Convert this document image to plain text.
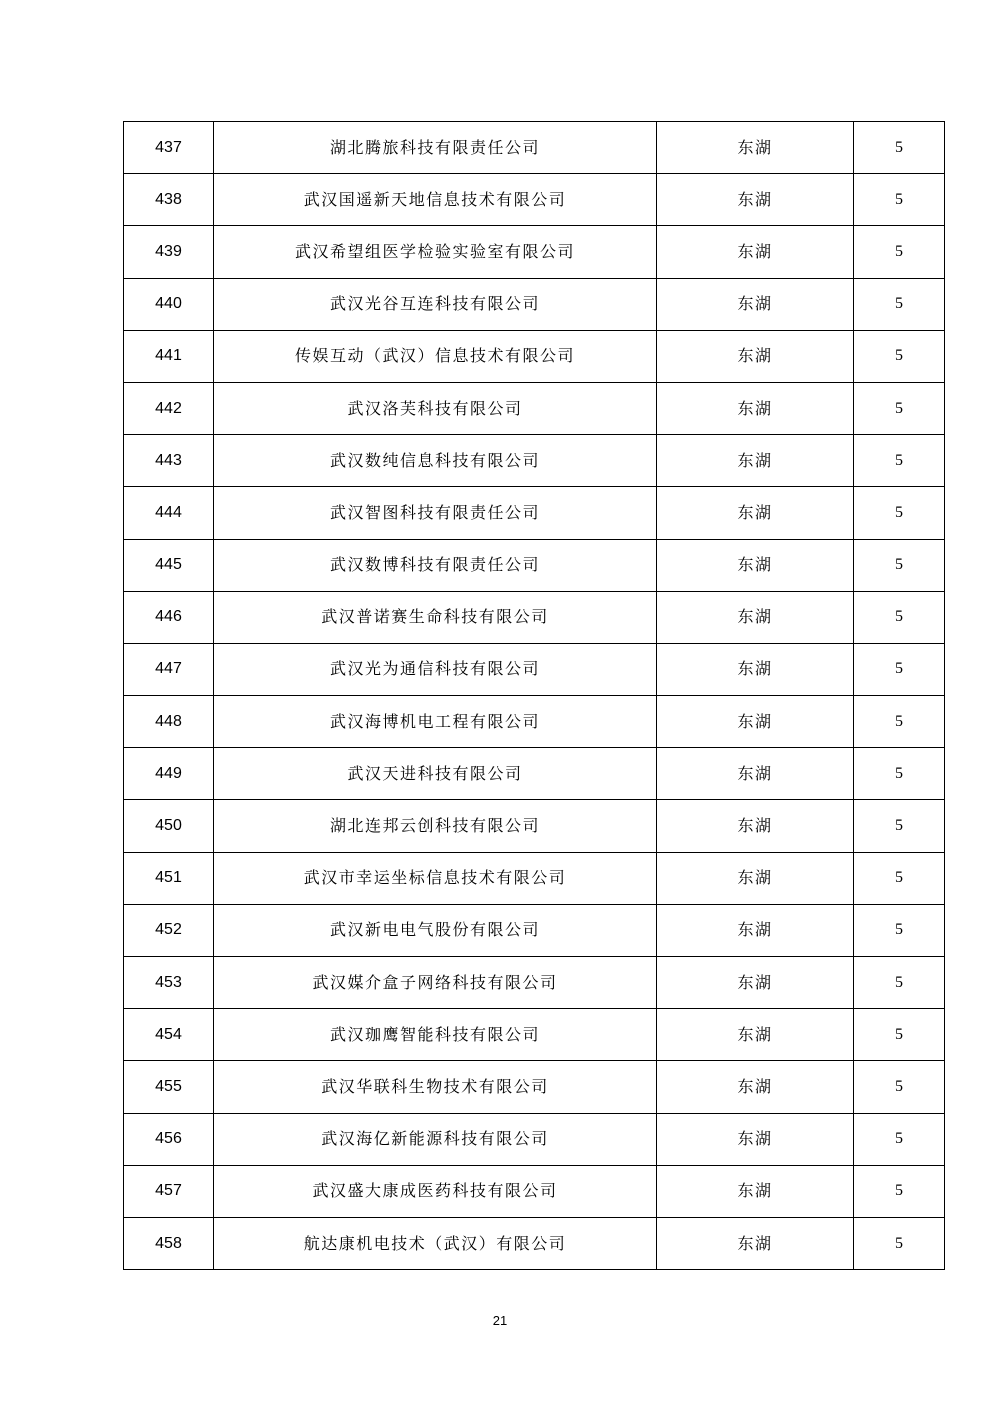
437	湖北腾旅科技有限责任公司	东湖	5
438	武汉国遥新天地信息技术有限公司	东湖	5
439	武汉希望组医学检验实验室有限公司	东湖	5
440	武汉光谷互连科技有限公司	东湖	5
441	传娱互动（武汉）信息技术有限公司	东湖	5
442	武汉洛芙科技有限公司	东湖	5
443	武汉数纯信息科技有限公司	东湖	5
444	武汉智图科技有限责任公司	东湖	5
445	武汉数博科技有限责任公司	东湖	5
446	武汉普诺赛生命科技有限公司	东湖	5
447	武汉光为通信科技有限公司	东湖	5
448	武汉海博机电工程有限公司	东湖	5
449	武汉天进科技有限公司	东湖	5
450	湖北连邦云创科技有限公司	东湖	5
451	武汉市幸运坐标信息技术有限公司	东湖	5
452	武汉新电电气股份有限公司	东湖	5
453	武汉媒介盒子网络科技有限公司	东湖	5
454	武汉珈鹰智能科技有限公司	东湖	5
455	武汉华联科生物技术有限公司	东湖	5
456	武汉海亿新能源科技有限公司	东湖	5
457	武汉盛大康成医药科技有限公司	东湖	5
458	航达康机电技术（武汉）有限公司	东湖	5
21
